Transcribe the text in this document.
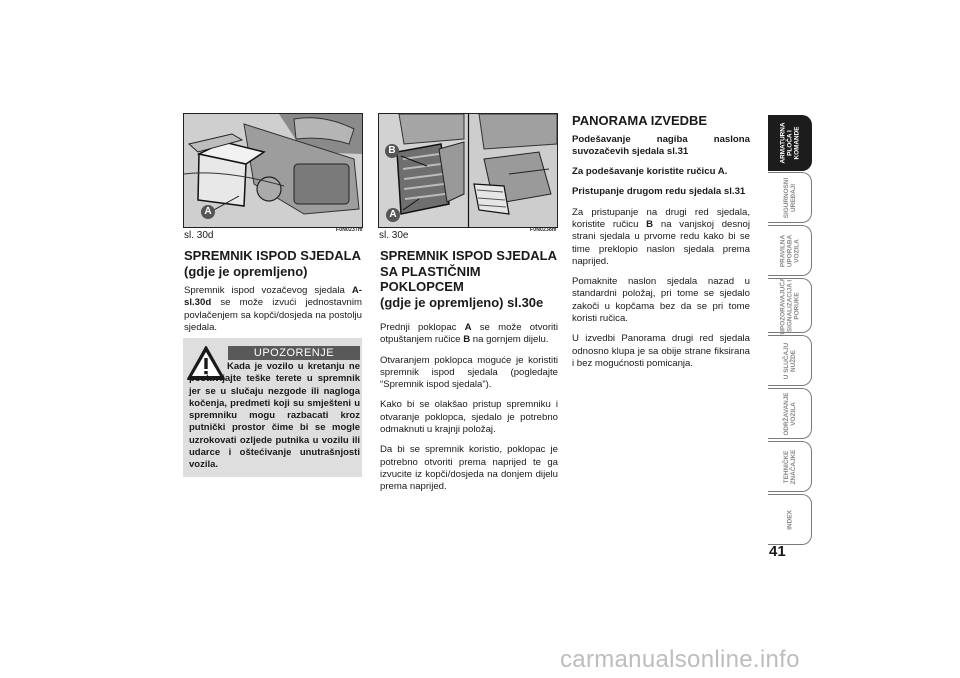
A
sl. 30d	F0N0237m
B
A
sl. 30e	F0N0238m
SPREMNIK ISPOD SJEDALA
(gdje je opremljeno)

Spremnik ispod vozačevog sjedala A-sl.30d se može izvući jednostavnim povlačenjem sa kopči/dosjeda na postolju sjedala.

UPOZORENJE
Kada je vozilo u kretanju ne postavljajte teške terete u spremnik jer se u slučaju nezgode ili nagloga kočenja, predmeti koji su smješteni u spremniku mogu razbacati kroz putnički prostor čime bi se mogle uzrokovati ozljede putnika u vozilu ili udarce i oštećivanje unutrašnjosti vozila.
SPREMNIK ISPOD SJEDALA
SA PLASTIČNIM
POKLOPCEM
(gdje je opremljeno) sl.30e

Prednji poklopac A se može otvoriti otpuštanjem ručice B na gornjem dijelu.

Otvaranjem poklopca moguće je koristiti spremnik ispod sjedala (pogledajte “Spremnik ispod sjedala”).

Kako bi se olakšao pristup spremniku i otvaranje poklopca, sjedalo je potrebno odmaknuti u krajnji položaj.

Da bi se spremnik koristio, poklopac je potrebno otvoriti prema naprijed te ga izvucite iz kopči/dosjeda na donjem dijelu prema naprijed.

PANORAMA IZVEDBE

Podešavanje nagiba naslona suvozačevih sjedala sl.31

Za podešavanje koristite ručicu A.

Pristupanje drugom redu sjedala sl.31

Za pristupanje na drugi red sjedala, koristite ručicu B na vanjskoj desnoj strani sjedala u prvome redu kako bi se time preklopio naslon sjedala prema naprijed.

Pomaknite naslon sjedala nazad u standardni položaj, pri tome se sjedalo zakoči u kopčama bez da se pri tome koristi ručica.

U izvedbi Panorama drugi red sjedala odnosno klupa je sa obije strane fiksirana i bez mogućnosti pomicanja.

ARMATURNA
PLOČA I
KOMANDE
SIGURNOSNI
UREĐAJI
PRAVILNA
UPORABA
VOZILA
UPOZORAVAJUĆA
SIGNALIZACIJA I
PORUKE
U SLUČAJU
NUŽDE
ODRŽAVANJE
VOZILA
TEHNIČKE
ZNAČAJKE
INDEX
41
carmanualsonline.info
